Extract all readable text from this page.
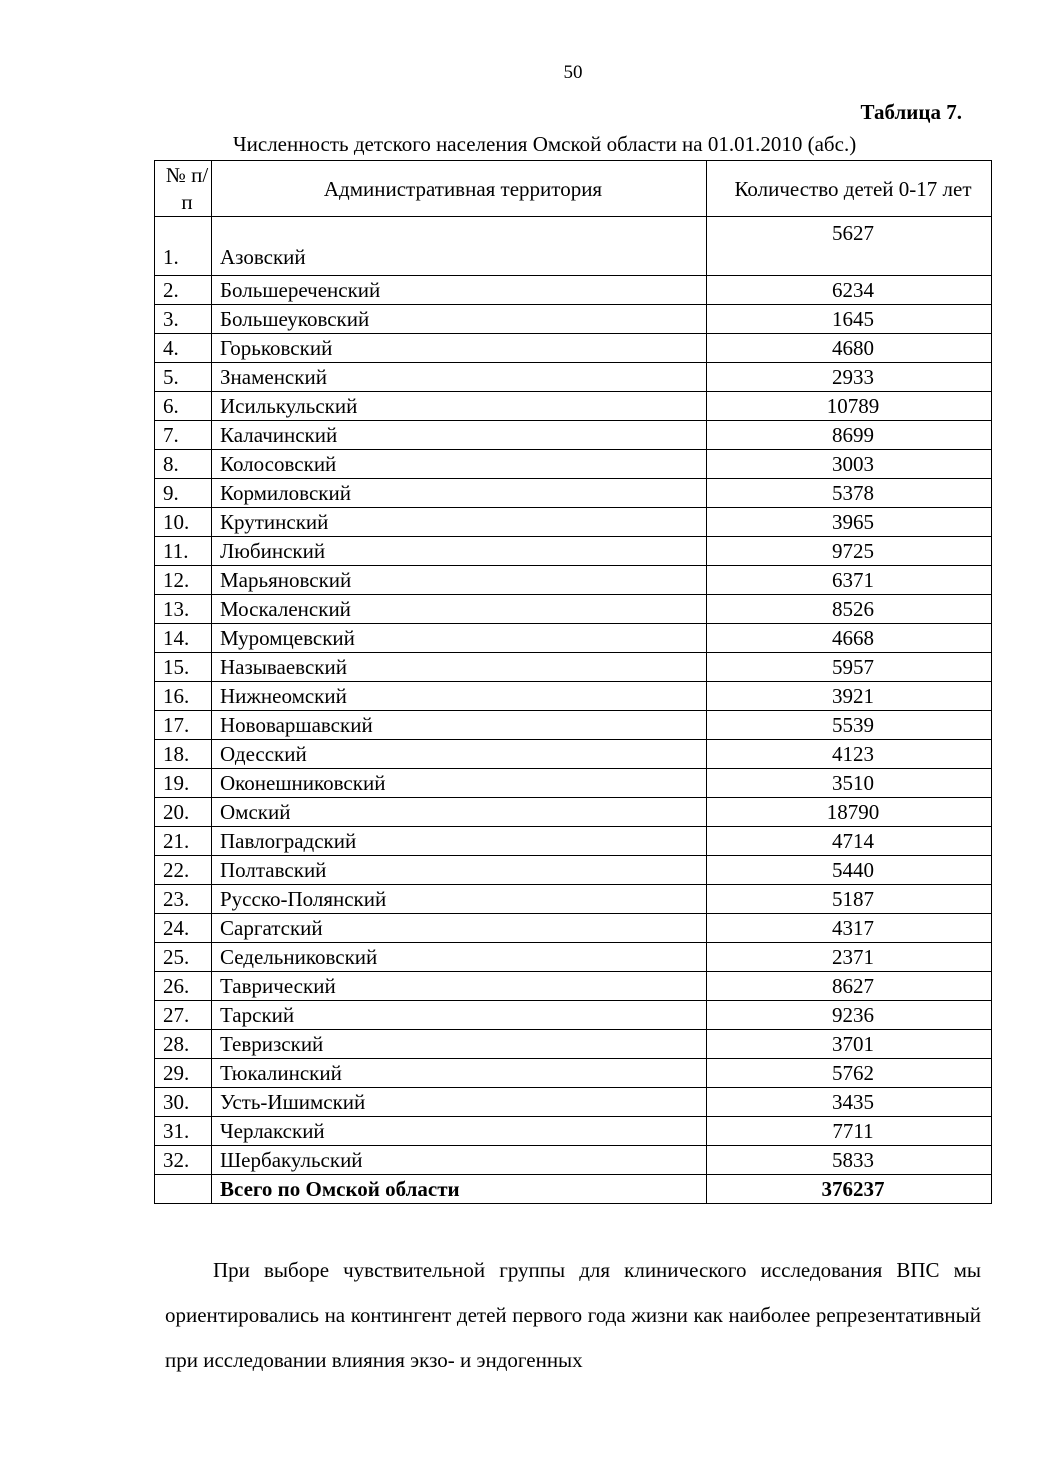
50
Таблица 7.
Численность детского населения Омской области на 01.01.2010 (абс.)
№ п/п	Административная территория	Количество детей 0-17 лет
1.	Азовский	5627
2.	Большереченский	6234
3.	Большеуковский	1645
4.	Горьковский	4680
5.	Знаменский	2933
6.	Исилькульский	10789
7.	Калачинский	8699
8.	Колосовский	3003
9.	Кормиловский	5378
10.	Крутинский	3965
11.	Любинский	9725
12.	Марьяновский	6371
13.	Москаленский	8526
14.	Муромцевский	4668
15.	Называевский	5957
16.	Нижнеомский	3921
17.	Нововаршавский	5539
18.	Одесский	4123
19.	Оконешниковский	3510
20.	Омский	18790
21.	Павлоградский	4714
22.	Полтавский	5440
23.	Русско-Полянский	5187
24.	Саргатский	4317
25.	Седельниковский	2371
26.	Таврический	8627
27.	Тарский	9236
28.	Тевризский	3701
29.	Тюкалинский	5762
30.	Усть-Ишимский	3435
31.	Черлакский	7711
32.	Шербакульский	5833
	Всего по Омской области	376237
При выборе чувствительной группы для клинического исследования ВПС мы ориентировались на контингент детей первого года жизни как наиболее репрезентативный при исследовании влияния экзо- и эндогенных
